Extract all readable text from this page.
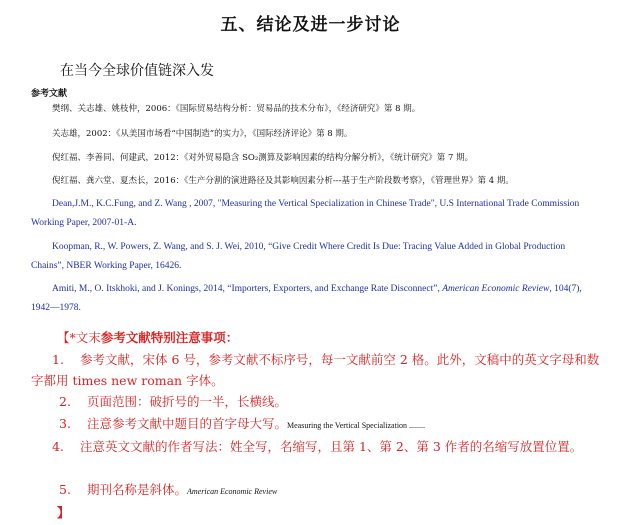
五、结论及进一步讨论
在当今全球价值链深入发
参考文献
樊纲、关志雄、姚枝仲，2006：《国际贸易结构分析：贸易品的技术分布》，《经济研究》第 8 期。
关志雄，2002：《从美国市场看“中国制造”的实力》，《国际经济评论》第 8 期。
倪红福、李善同、何建武，2012：《对外贸易隐含 SO₂测算及影响因素的结构分解分析》，《统计研究》第 7 期。
倪红福、龚六堂、夏杰长，2016：《生产分割的演进路径及其影响因素分析---基于生产阶段数考察》，《管理世界》第 4 期。
Dean,J.M., K.C.Fung, and Z. Wang , 2007, "Measuring the Vertical Specialization in Chinese Trade", U.S International Trade Commission Working Paper, 2007-01-A.
Koopman, R., W. Powers, Z. Wang, and S. J. Wei, 2010, “Give Credit Where Credit Is Due: Tracing Value Added in Global Production Chains”, NBER Working Paper, 16426.
Amiti, M., O. Itskhoki, and J. Konings, 2014, “Importers, Exporters, and Exchange Rate Disconnect”, American Economic Review, 104(7), 1942—1978.
【*文末参考文献特别注意事项：
1. 参考文献，宋体 6 号，参考文献不标序号，每一文献前空 2 格。此外，文稿中的英文字母和数字都用 times new roman 字体。
2. 页面范围：破折号的一半，长横线。
3. 注意参考文献中题目的首字母大写。Measuring the Vertical Specialization ........
4. 注意英文文献的作者写法：姓全写，名缩写，且第 1、第 2、第 3 作者的名缩写放置位置。
5. 期刊名称是斜体。American Economic Review
】
